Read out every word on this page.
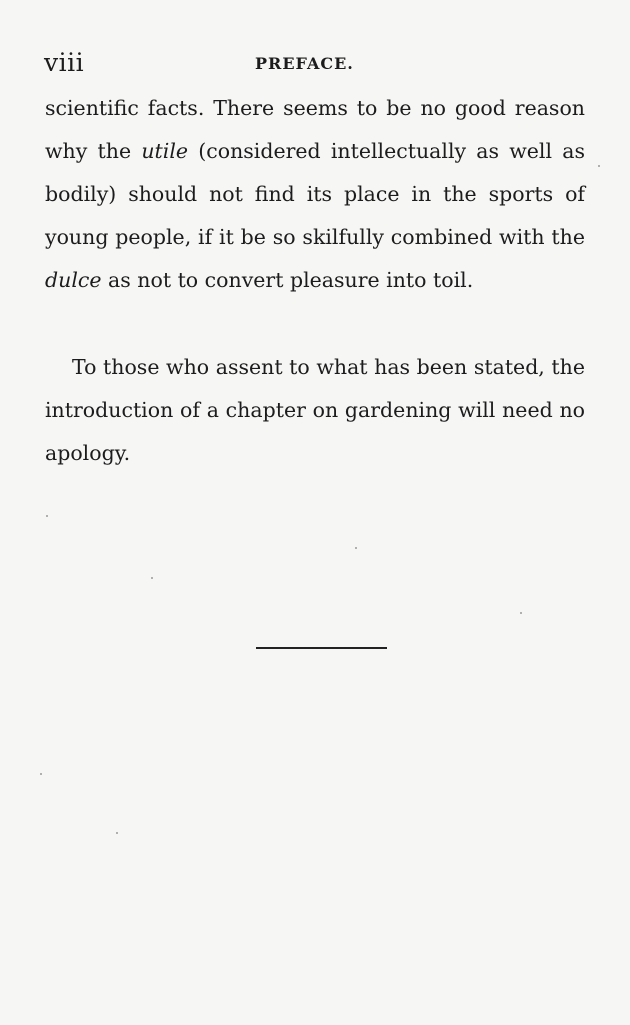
viii	PREFACE.

scientific facts. There seems to be no good reason why the utile (considered intellectually as well as bodily) should not find its place in the sports of young people, if it be so skilfully combined with the dulce as not to convert pleasure into toil.

To those who assent to what has been stated, the introduction of a chapter on gardening will need no apology.
